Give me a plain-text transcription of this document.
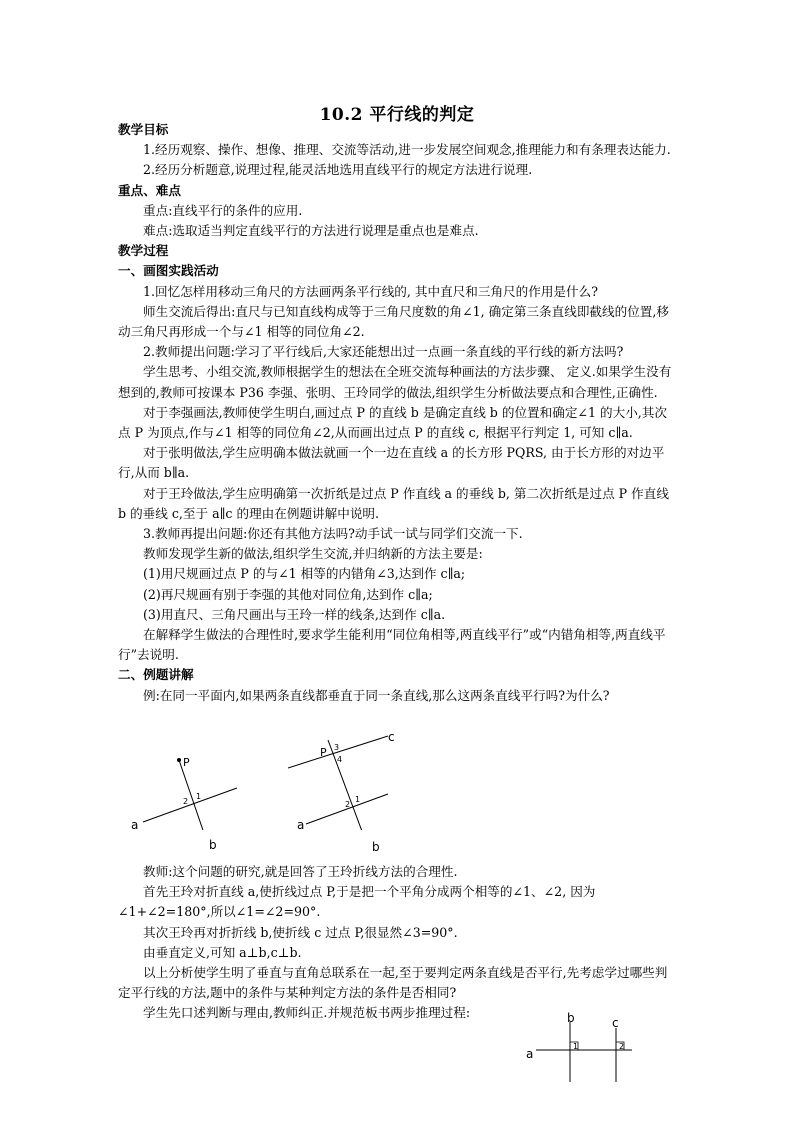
10.2 平行线的判定

教学目标

1.经历观察、操作、想像、推理、交流等活动,进一步发展空间观念,推理能力和有条理表达能力.

2.经历分析题意,说理过程,能灵活地选用直线平行的规定方法进行说理.

重点、难点

重点:直线平行的条件的应用.

难点:选取适当判定直线平行的方法进行说理是重点也是难点.

教学过程

一、画图实践活动

1.回忆怎样用移动三角尺的方法画两条平行线的, 其中直尺和三角尺的作用是什么?

师生交流后得出:直尺与已知直线构成等于三角尺度数的角∠1, 确定第三条直线即截线的位置,移动三角尺再形成一个与∠1 相等的同位角∠2.

2.教师提出问题:学习了平行线后,大家还能想出过一点画一条直线的平行线的新方法吗?

学生思考、小组交流,教师根据学生的想法在全班交流每种画法的方法步骤、 定义.如果学生没有想到的,教师可按课本 P36 李强、张明、王玲同学的做法,组织学生分析做法要点和合理性,正确性.

对于李强画法,教师使学生明白,画过点 P 的直线 b 是确定直线 b 的位置和确定∠1 的大小,其次点 P 为顶点,作与∠1 相等的同位角∠2,从而画出过点 P 的直线 c, 根据平行判定 1, 可知 c∥a.

对于张明做法,学生应明确本做法就画一个一边在直线 a 的长方形 PQRS, 由于长方形的对边平行,从而 b∥a.

对于王玲做法,学生应明确第一次折纸是过点 P 作直线 a 的垂线 b, 第二次折纸是过点 P 作直线 b 的垂线 c,至于 a∥c 的理由在例题讲解中说明.

3.教师再提出问题:你还有其他方法吗?动手试一试与同学们交流一下.

教师发现学生新的做法,组织学生交流,并归纳新的方法主要是:

(1)用尺规画过点 P 的与∠1 相等的内错角∠3,达到作 c∥a;

(2)再尺规画有别于李强的其他对同位角,达到作 c∥a;

(3)用直尺、三角尺画出与王玲一样的线条,达到作 c∥a.

在解释学生做法的合理性时,要求学生能利用“同位角相等,两直线平行”或“内错角相等,两直线平行”去说明.

二、例题讲解

例:在同一平面内,如果两条直线都垂直于同一条直线,那么这两条直线平行吗?为什么?

P
2
1
a
b
P 3
4
2
1
c
a
b

教师:这个问题的研究,就是回答了王玲折线方法的合理性.

首先王玲对折直线 a,使折线过点 P,于是把一个平角分成两个相等的∠1、∠2, 因为∠1+∠2=180°,所以∠1=∠2=90°.

其次王玲再对折折线 b,使折线 c 过点 P,很显然∠3=90°.

由垂直定义,可知 a⊥b,c⊥b.

以上分析使学生明了垂直与直角总联系在一起,至于要判定两条直线是否平行,先考虑学过哪些判定平行线的方法,题中的条件与某种判定方法的条件是否相同?

学生先口述判断与理由,教师纠正.并规范板书两步推理过程:

1	2
b	c
a
